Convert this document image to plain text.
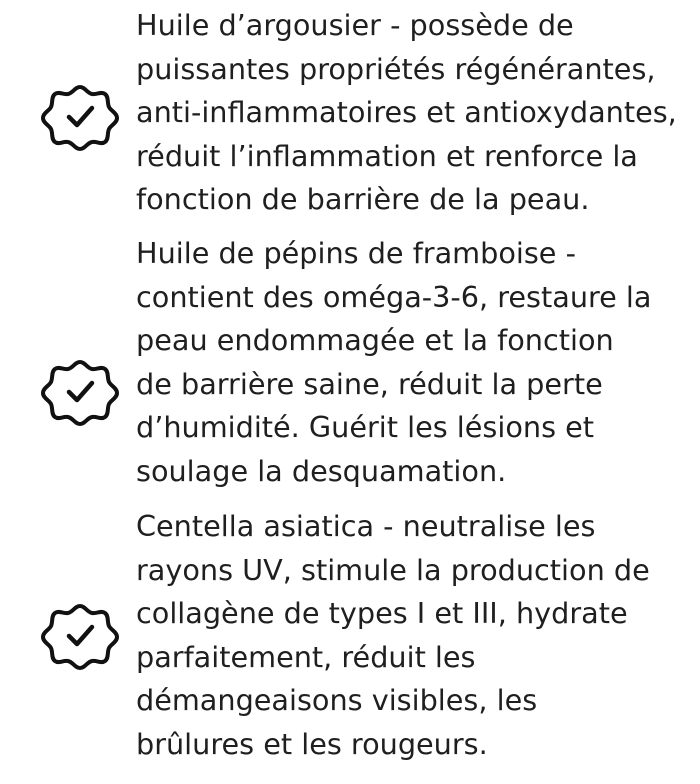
Huile d’argousier - possède de
puissantes propriétés régénérantes,
anti-inflammatoires et antioxydantes,
réduit l’inflammation et renforce la
fonction de barrière de la peau.

Huile de pépins de framboise -
contient des oméga-3-6, restaure la
peau endommagée et la fonction
de barrière saine, réduit la perte
d’humidité. Guérit les lésions et
soulage la desquamation.

Centella asiatica - neutralise les
rayons UV, stimule la production de
collagène de types I et III, hydrate
parfaitement, réduit les
démangeaisons visibles, les
brûlures et les rougeurs.
